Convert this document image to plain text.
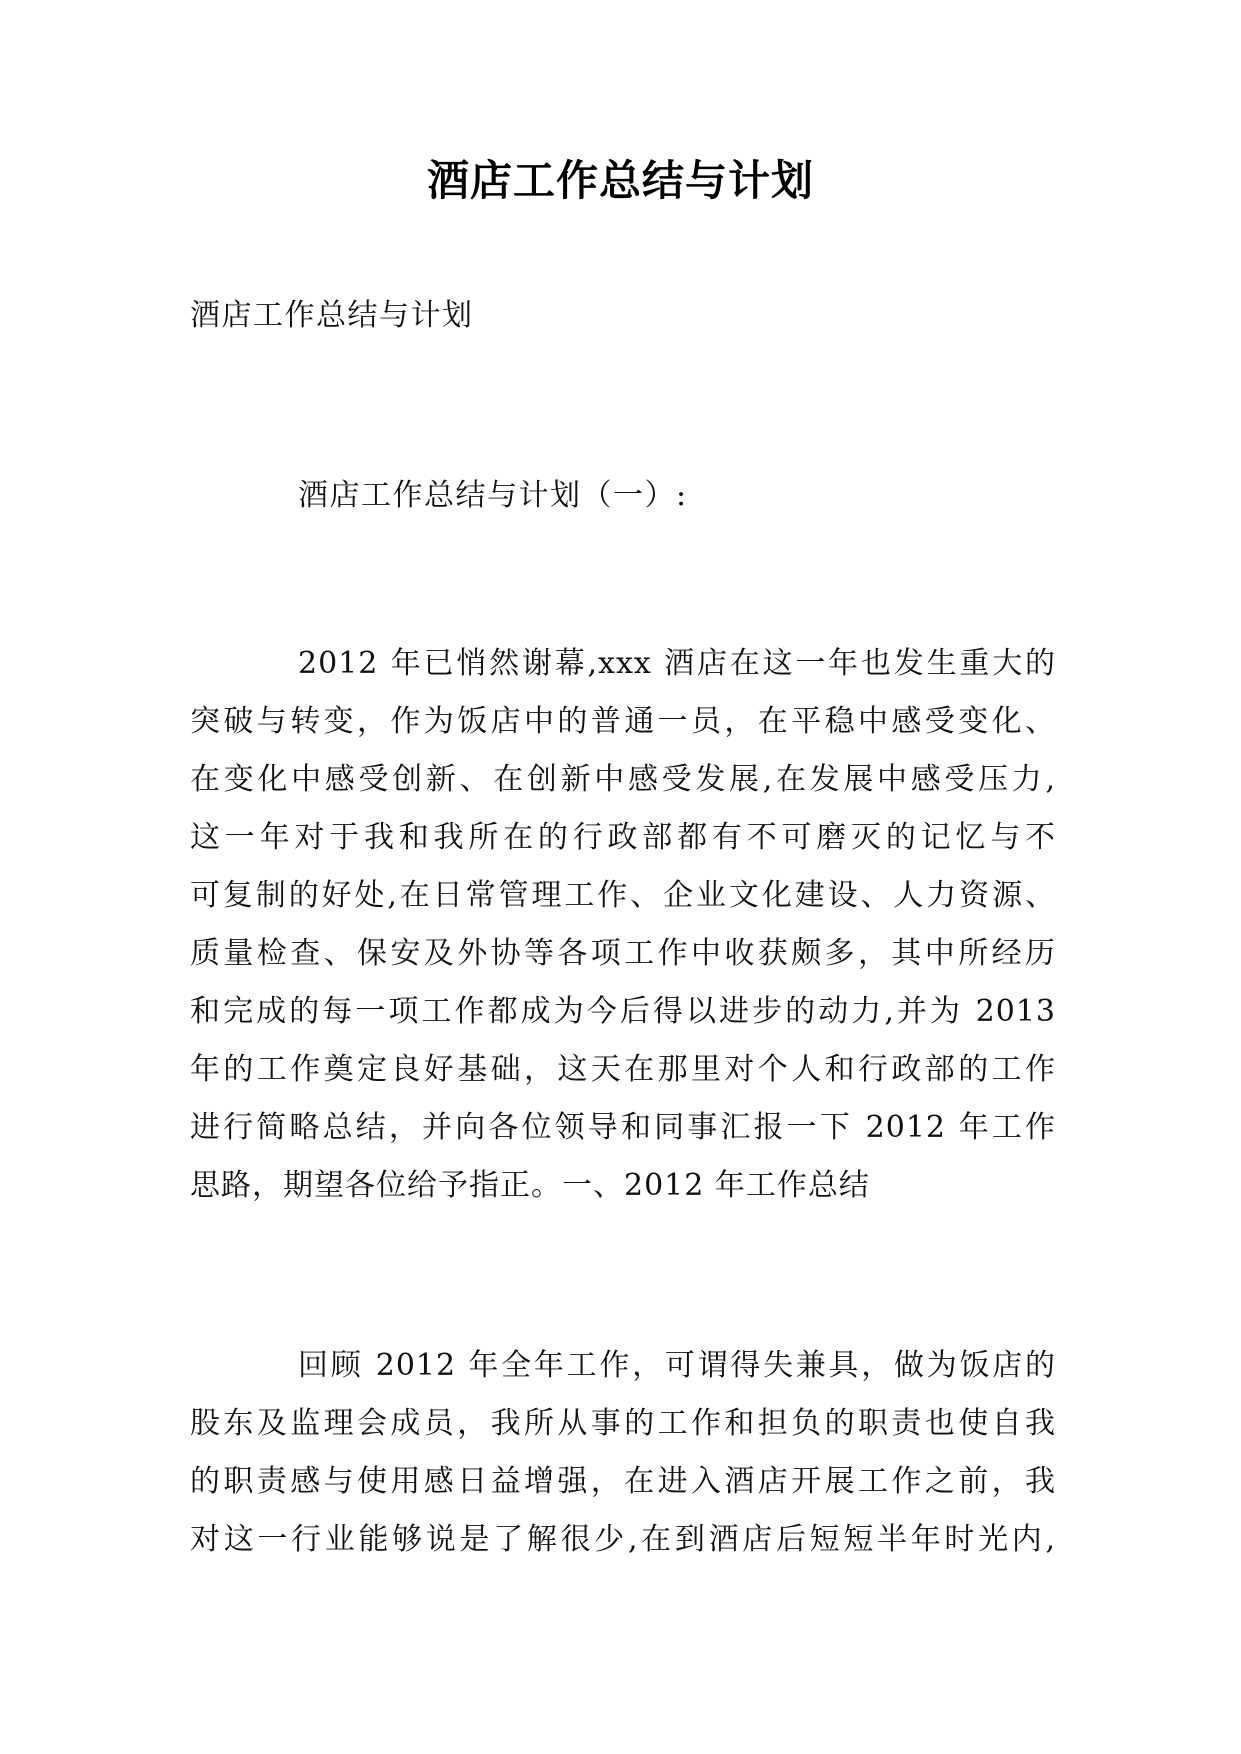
酒店工作总结与计划
酒店工作总结与计划
酒店工作总结与计划（一）:
2012 年已悄然谢幕,xxx 酒店在这一年也发生重大的
突破与转变，作为饭店中的普通一员，在平稳中感受变化、
在变化中感受创新、在创新中感受发展,在发展中感受压力,
这一年对于我和我所在的行政部都有不可磨灭的记忆与不
可复制的好处,在日常管理工作、企业文化建设、人力资源、
质量检查、保安及外协等各项工作中收获颇多，其中所经历
和完成的每一项工作都成为今后得以进步的动力,并为 2013
年的工作奠定良好基础，这天在那里对个人和行政部的工作
进行简略总结，并向各位领导和同事汇报一下 2012 年工作
思路，期望各位给予指正。一、2012 年工作总结
回顾 2012 年全年工作，可谓得失兼具，做为饭店的
股东及监理会成员，我所从事的工作和担负的职责也使自我
的职责感与使用感日益增强，在进入酒店开展工作之前，我
对这一行业能够说是了解很少,在到酒店后短短半年时光内,
